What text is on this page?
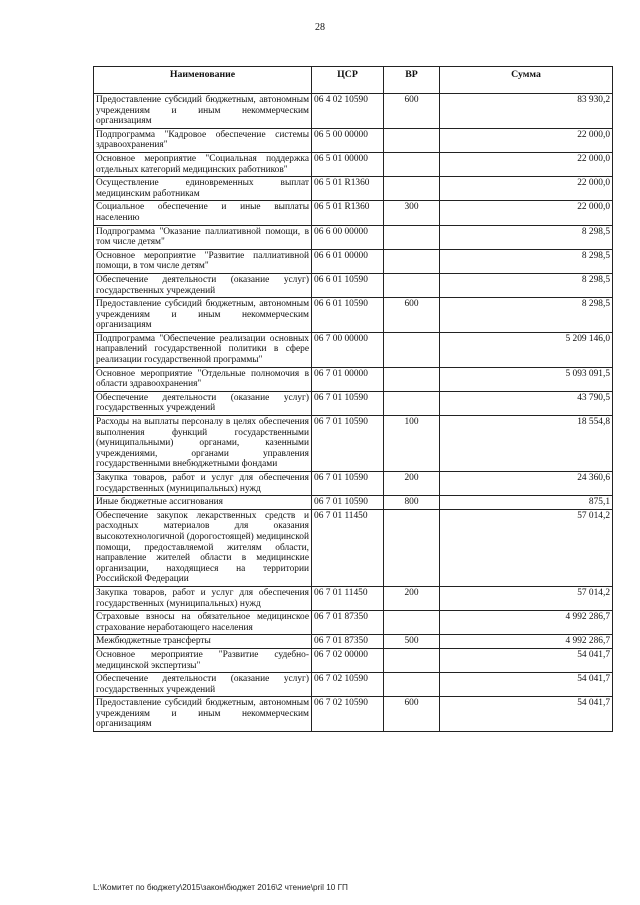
28
Наименование	ЦСР	ВР	Сумма
Предоставление субсидий бюджетным, автономным учреждениям и иным некоммерческим организациям	06 4 02 10590	600	83 930,2
Подпрограмма "Кадровое обеспечение системы здравоохранения"	06 5 00 00000		22 000,0
Основное мероприятие "Социальная поддержка отдельных категорий медицинских работников"	06 5 01 00000		22 000,0
Осуществление единовременных выплат медицинским работникам	06 5 01 R1360		22 000,0
Социальное обеспечение и иные выплаты населению	06 5 01 R1360	300	22 000,0
Подпрограмма "Оказание паллиативной помощи, в том числе детям"	06 6 00 00000		8 298,5
Основное мероприятие "Развитие паллиативной помощи, в том числе детям"	06 6 01 00000		8 298,5
Обеспечение деятельности (оказание услуг) государственных учреждений	06 6 01 10590		8 298,5
Предоставление субсидий бюджетным, автономным учреждениям и иным некоммерческим организациям	06 6 01 10590	600	8 298,5
Подпрограмма "Обеспечение реализации основных направлений государственной политики в сфере реализации государственной программы"	06 7 00 00000		5 209 146,0
Основное мероприятие "Отдельные полномочия в области здравоохранения"	06 7 01 00000		5 093 091,5
Обеспечение деятельности (оказание услуг) государственных учреждений	06 7 01 10590		43 790,5
Расходы на выплаты персоналу в целях обеспечения выполнения функций государственными (муниципальными) органами, казенными учреждениями, органами управления государственными внебюджетными фондами	06 7 01 10590	100	18 554,8
Закупка товаров, работ и услуг для обеспечения государственных (муниципальных) нужд	06 7 01 10590	200	24 360,6
Иные бюджетные ассигнования	06 7 01 10590	800	875,1
Обеспечение закупок лекарственных средств и расходных материалов для оказания высокотехнологичной (дорогостоящей) медицинской помощи, предоставляемой жителям области, направление жителей области в медицинские организации, находящиеся на территории Российской Федерации	06 7 01 11450		57 014,2
Закупка товаров, работ и услуг для обеспечения государственных (муниципальных) нужд	06 7 01 11450	200	57 014,2
Страховые взносы на обязательное медицинское страхование неработающего населения	06 7 01 87350		4 992 286,7
Межбюджетные трансферты	06 7 01 87350	500	4 992 286,7
Основное мероприятие "Развитие судебно-медицинской экспертизы"	06 7 02 00000		54 041,7
Обеспечение деятельности (оказание услуг) государственных учреждений	06 7 02 10590		54 041,7
Предоставление субсидий бюджетным, автономным учреждениям и иным некоммерческим организациям	06 7 02 10590	600	54 041,7
L:\Комитет по бюджету\2015\закон\бюджет 2016\2 чтение\pril 10 ГП
